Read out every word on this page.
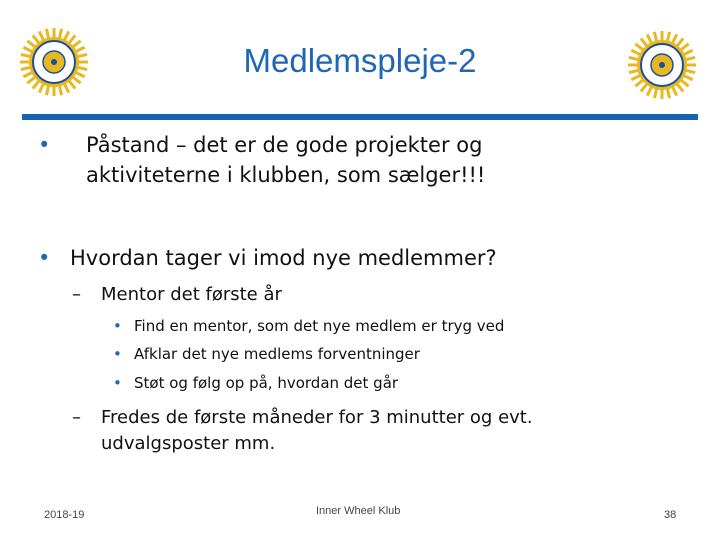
Medlemspleje-2
• Påstand – det er de gode projekter og
aktiviteterne i klubben, som sælger!!!
• Hvordan tager vi imod nye medlemmer?
– Mentor det første år
• Find en mentor, som det nye medlem er tryg ved
• Afklar det nye medlems forventninger
• Støt og følg op på, hvordan det går
– Fredes de første måneder for 3 minutter og evt.
udvalgsposter mm.
2018-19	Inner Wheel Klub	38
